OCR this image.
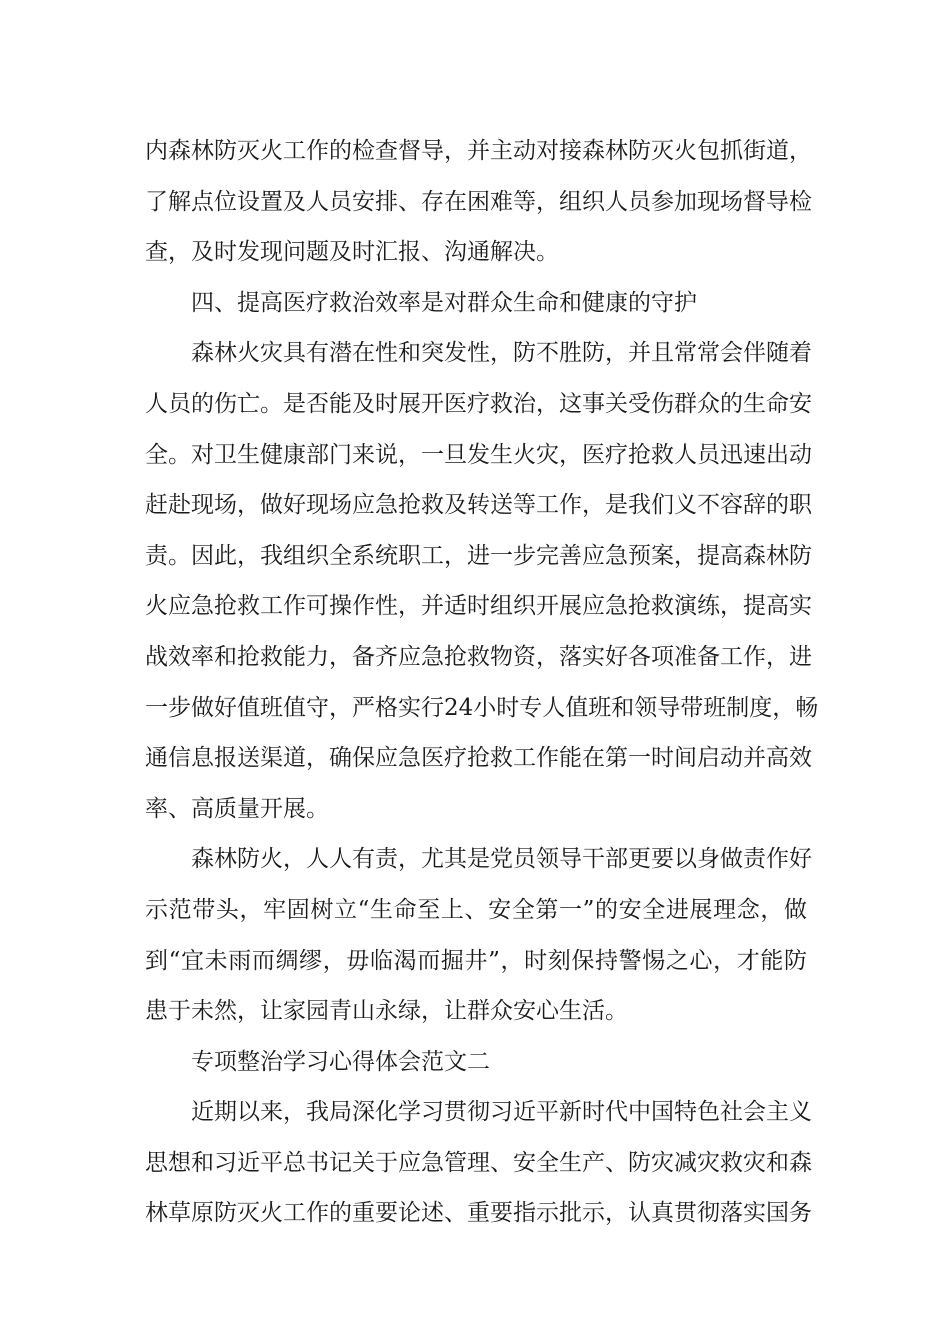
内森林防灭火工作的检查督导，并主动对接森林防灭火包抓街道，
了解点位设置及人员安排、存在困难等，组织人员参加现场督导检
查，及时发现问题及时汇报、沟通解决。
四、提高医疗救治效率是对群众生命和健康的守护
森林火灾具有潜在性和突发性，防不胜防，并且常常会伴随着
人员的伤亡。是否能及时展开医疗救治，这事关受伤群众的生命安
全。对卫生健康部门来说，一旦发生火灾，医疗抢救人员迅速出动
赶赴现场，做好现场应急抢救及转送等工作，是我们义不容辞的职
责。因此，我组织全系统职工，进一步完善应急预案，提高森林防
火应急抢救工作可操作性，并适时组织开展应急抢救演练，提高实
战效率和抢救能力，备齐应急抢救物资，落实好各项准备工作，进
一步做好值班值守，严格实行24小时专人值班和领导带班制度，畅
通信息报送渠道，确保应急医疗抢救工作能在第一时间启动并高效
率、高质量开展。
森林防火，人人有责，尤其是党员领导干部更要以身做责作好
示范带头，牢固树立“生命至上、安全第一”的安全进展理念，做
到“宜未雨而绸缪，毋临渴而掘井”，时刻保持警惕之心，才能防
患于未然，让家园青山永绿，让群众安心生活。
专项整治学习心得体会范文二
近期以来，我局深化学习贯彻习近平新时代中国特色社会主义
思想和习近平总书记关于应急管理、安全生产、防灾减灾救灾和森
林草原防灭火工作的重要论述、重要指示批示，认真贯彻落实国务
